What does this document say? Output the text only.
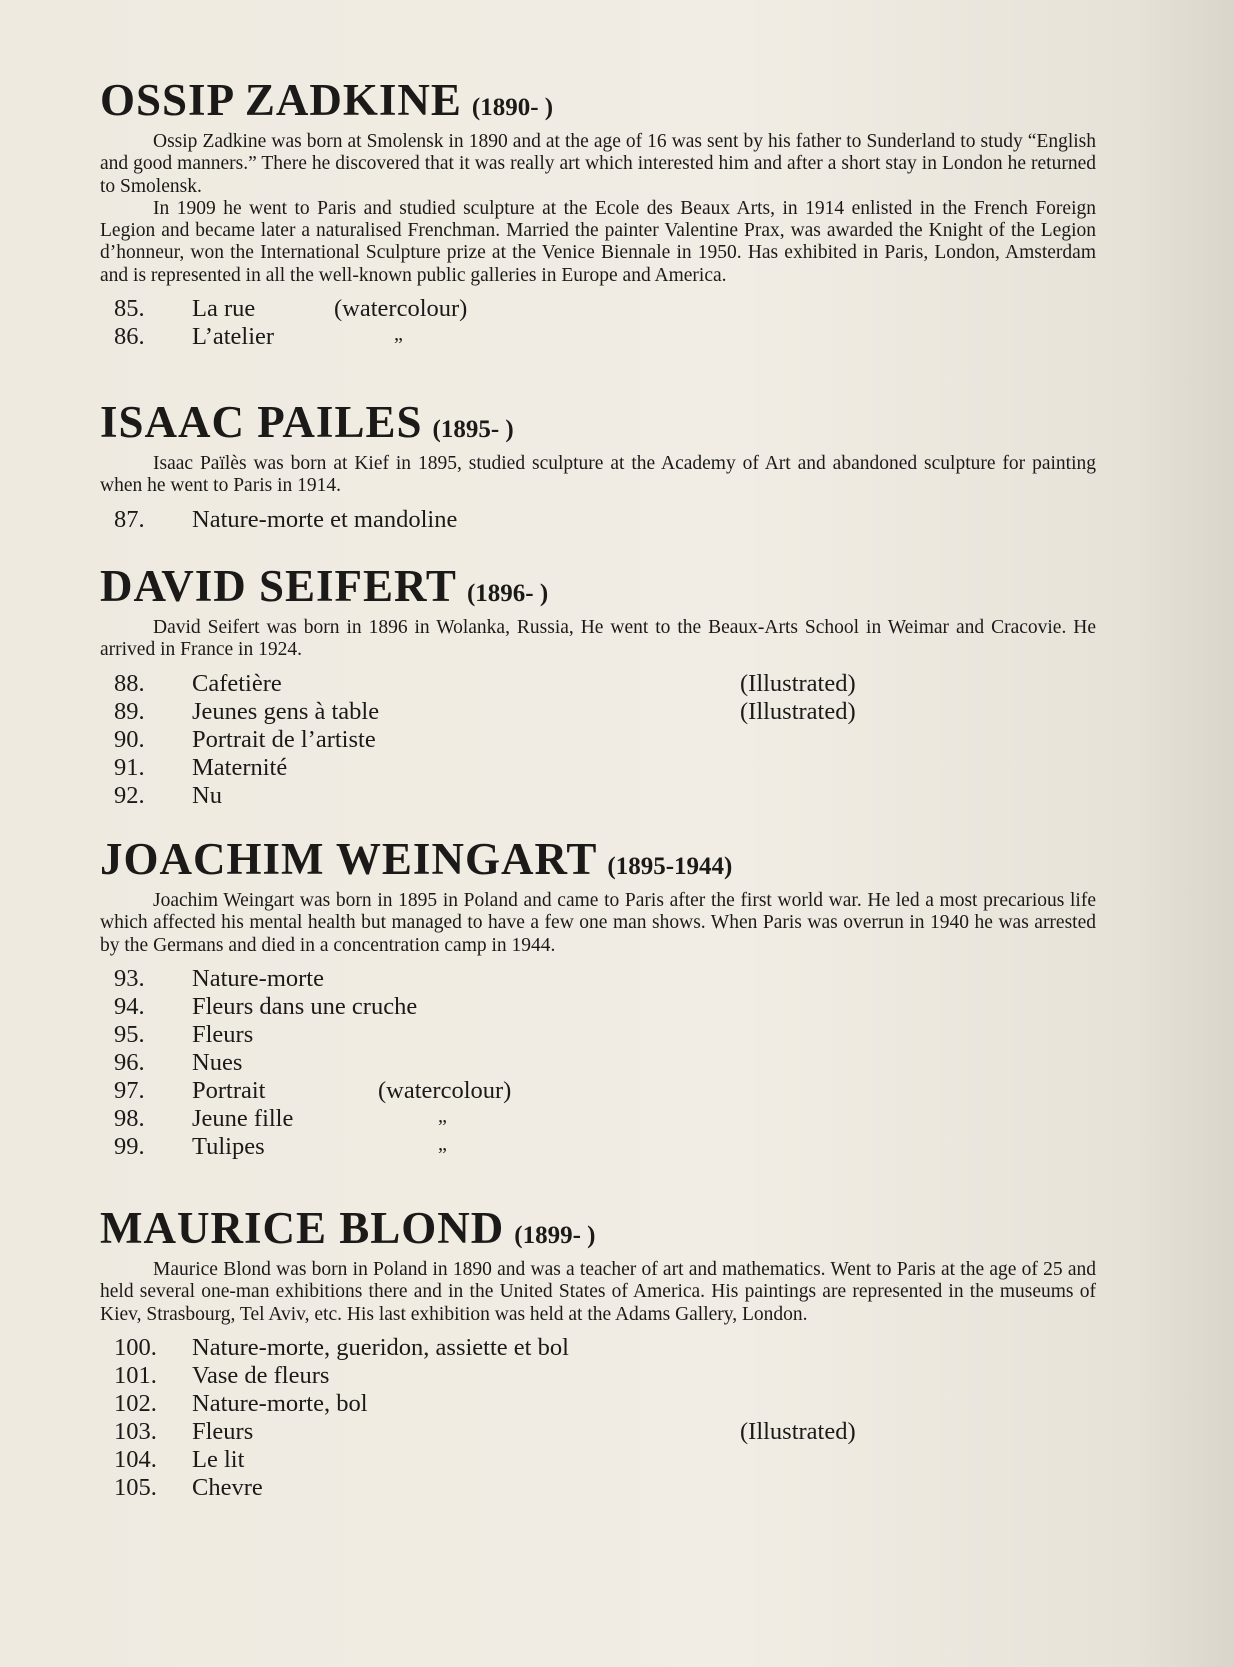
OSSIP ZADKINE (1890- )

Ossip Zadkine was born at Smolensk in 1890 and at the age of 16 was sent by his father to Sunderland to study “English and good manners.” There he discovered that it was really art which interested him and after a short stay in London he returned to Smolensk.

In 1909 he went to Paris and studied sculpture at the Ecole des Beaux Arts, in 1914 enlisted in the French Foreign Legion and became later a naturalised Frenchman. Married the painter Valentine Prax, was awarded the Knight of the Legion d’honneur, won the International Sculpture prize at the Venice Biennale in 1950. Has exhibited in Paris, London, Amsterdam and is represented in all the well-known public galleries in Europe and America.

85.	La rue	(watercolour)
86.	L’atelier	”
ISAAC PAILES (1895- )

Isaac Païlès was born at Kief in 1895, studied sculpture at the Academy of Art and abandoned sculpture for painting when he went to Paris in 1914.

87.	Nature-morte et mandoline
DAVID SEIFERT (1896- )

David Seifert was born in 1896 in Wolanka, Russia, He went to the Beaux-Arts School in Weimar and Cracovie. He arrived in France in 1924.

88.	Cafetière	(Illustrated)
89.	Jeunes gens à table	(Illustrated)
90.	Portrait de l’artiste
91.	Maternité
92.	Nu
JOACHIM WEINGART (1895-1944)

Joachim Weingart was born in 1895 in Poland and came to Paris after the first world war. He led a most precarious life which affected his mental health but managed to have a few one man shows. When Paris was overrun in 1940 he was arrested by the Germans and died in a concentration camp in 1944.

93.	Nature-morte
94.	Fleurs dans une cruche
95.	Fleurs
96.	Nues
97.	Portrait	(watercolour)
98.	Jeune fille	”
99.	Tulipes	”
MAURICE BLOND (1899- )

Maurice Blond was born in Poland in 1890 and was a teacher of art and mathematics. Went to Paris at the age of 25 and held several one-man exhibitions there and in the United States of America. His paintings are represented in the museums of Kiev, Strasbourg, Tel Aviv, etc. His last exhibition was held at the Adams Gallery, London.

100.	Nature-morte, gueridon, assiette et bol
101.	Vase de fleurs
102.	Nature-morte, bol
103.	Fleurs	(Illustrated)
104.	Le lit
105.	Chevre
